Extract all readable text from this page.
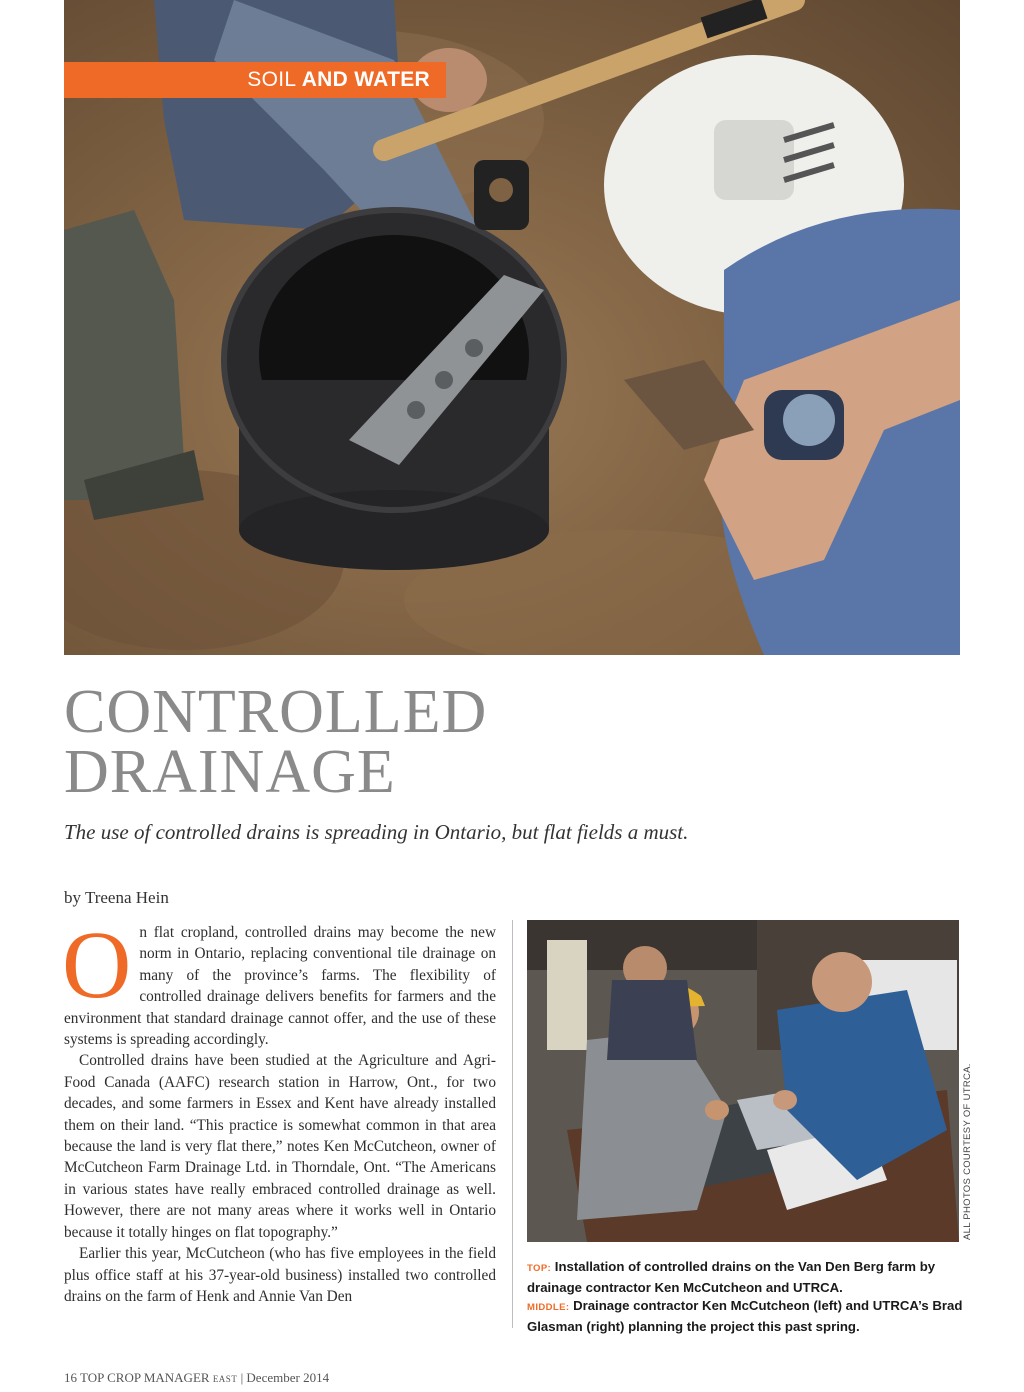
SOIL AND WATER
CONTROLLED
DRAINAGE
The use of controlled drains is spreading in Ontario, but flat fields a must.
by Treena Hein

On flat cropland, controlled drains may become the new norm in Ontario, replacing conventional tile drainage on many of the province’s farms. The flexibility of controlled drainage delivers benefits for farmers and the environment that standard drainage cannot offer, and the use of these systems is spreading accordingly.

Controlled drains have been studied at the Agriculture and Agri-Food Canada (AAFC) research station in Harrow, Ont., for two decades, and some farmers in Essex and Kent have already installed them on their land. “This practice is somewhat common in that area because the land is very flat there,” notes Ken McCutcheon, owner of McCutcheon Farm Drainage Ltd. in Thorndale, Ont. “The Americans in various states have really embraced controlled drainage as well. However, there are not many areas where it works well in Ontario because it totally hinges on flat topography.”

Earlier this year, McCutcheon (who has five employees in the field plus office staff at his 37-year-old business) installed two controlled drains on the farm of Henk and Annie Van Den

ALL PHOTOS COURTESY OF UTRCA.
TOP: Installation of controlled drains on the Van Den Berg farm by drainage contractor Ken McCutcheon and UTRCA.
MIDDLE: Drainage contractor Ken McCutcheon (left) and UTRCA’s Brad Glasman (right) planning the project this past spring.
16 TOP CROP MANAGER EAST | December 2014
